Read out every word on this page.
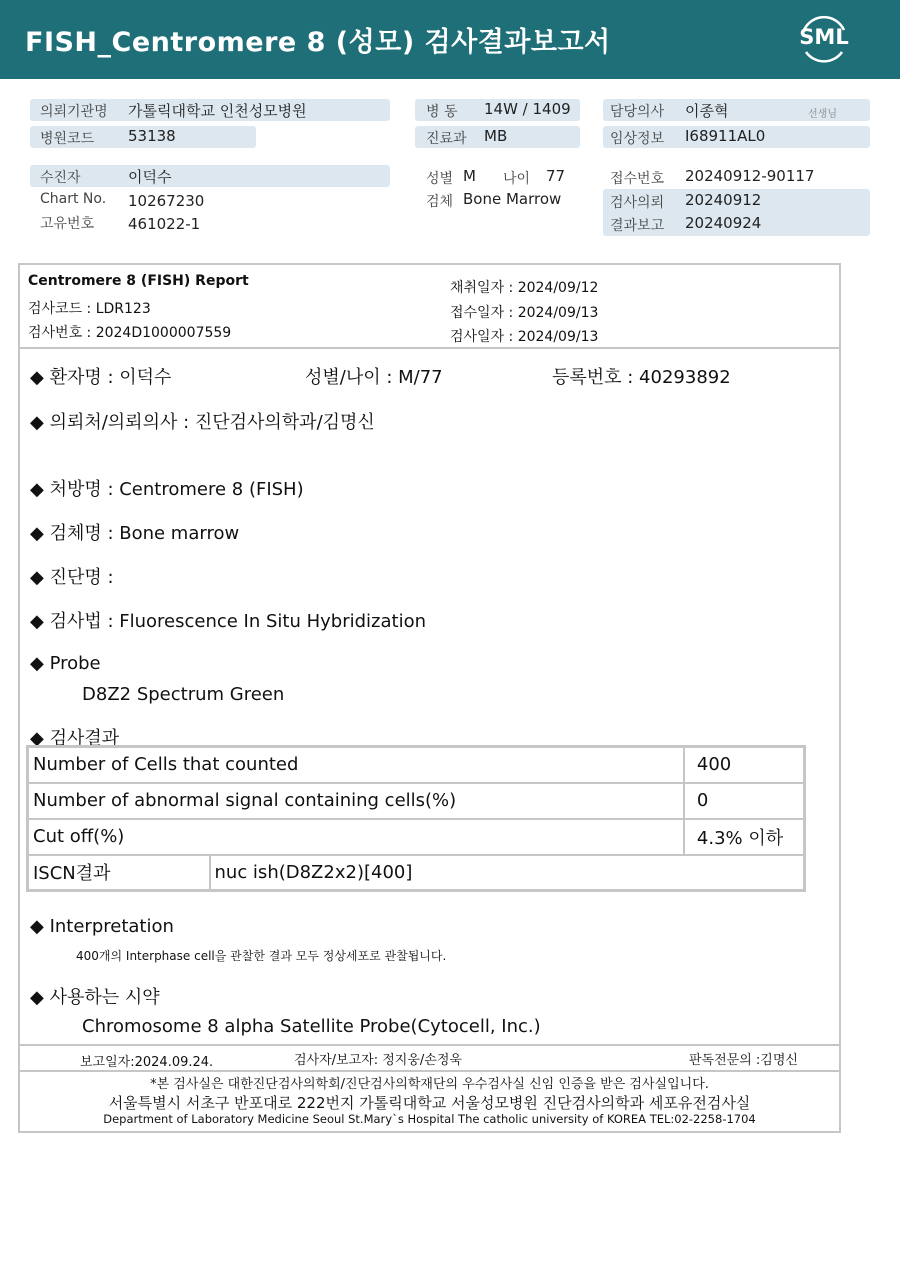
FISH_Centromere 8 (성모) 검사결과보고서	SML
의뢰기관명 가톨릭대학교 인천성모병원
병원코드 53138
병 동 14W / 1409
진료과 MB
담당의사 이종혁	선생님
임상정보 I68911AL0
수진자	이덕수
Chart No. 10267230
고유번호 461022-1
성별 M 나이 77
검체 Bone Marrow
접수번호 20240912-90117
검사의뢰 20240912
결과보고 20240924
Centromere 8 (FISH) Report
검사코드 : LDR123
검사번호 : 2024D1000007559
채취일자 : 2024/09/12
접수일자 : 2024/09/13
검사일자 : 2024/09/13
◆ 환자명 : 이덕수	성별/나이 : M/77	등록번호 : 40293892
◆ 의뢰처/의뢰의사 : 진단검사의학과/김명신
◆ 처방명 : Centromere 8 (FISH)
◆ 검체명 : Bone marrow
◆ 진단명 :
◆ 검사법 : Fluorescence In Situ Hybridization
◆ Probe
D8Z2 Spectrum Green
◆ 검사결과
Number of Cells that counted		400
Number of abnormal signal containing cells(%)		0
Cut off(%)		4.3% 이하
ISCN결과	nuc ish(D8Z2x2)[400]	
◆ Interpretation
400개의 Interphase cell을 관찰한 결과 모두 정상세포로 관찰됩니다.
◆ 사용하는 시약
Chromosome 8 alpha Satellite Probe(Cytocell, Inc.)
보고일자:2024.09.24.	검사자/보고자: 정지웅/손정욱	판독전문의 :김명신
*본 검사실은 대한진단검사의학회/진단검사의학재단의 우수검사실 신임 인증을 받은 검사실입니다.
서울특별시 서초구 반포대로 222번지 가톨릭대학교 서울성모병원 진단검사의학과 세포유전검사실
Department of Laboratory Medicine Seoul St.Mary`s Hospital The catholic university of KOREA TEL:02-2258-1704
